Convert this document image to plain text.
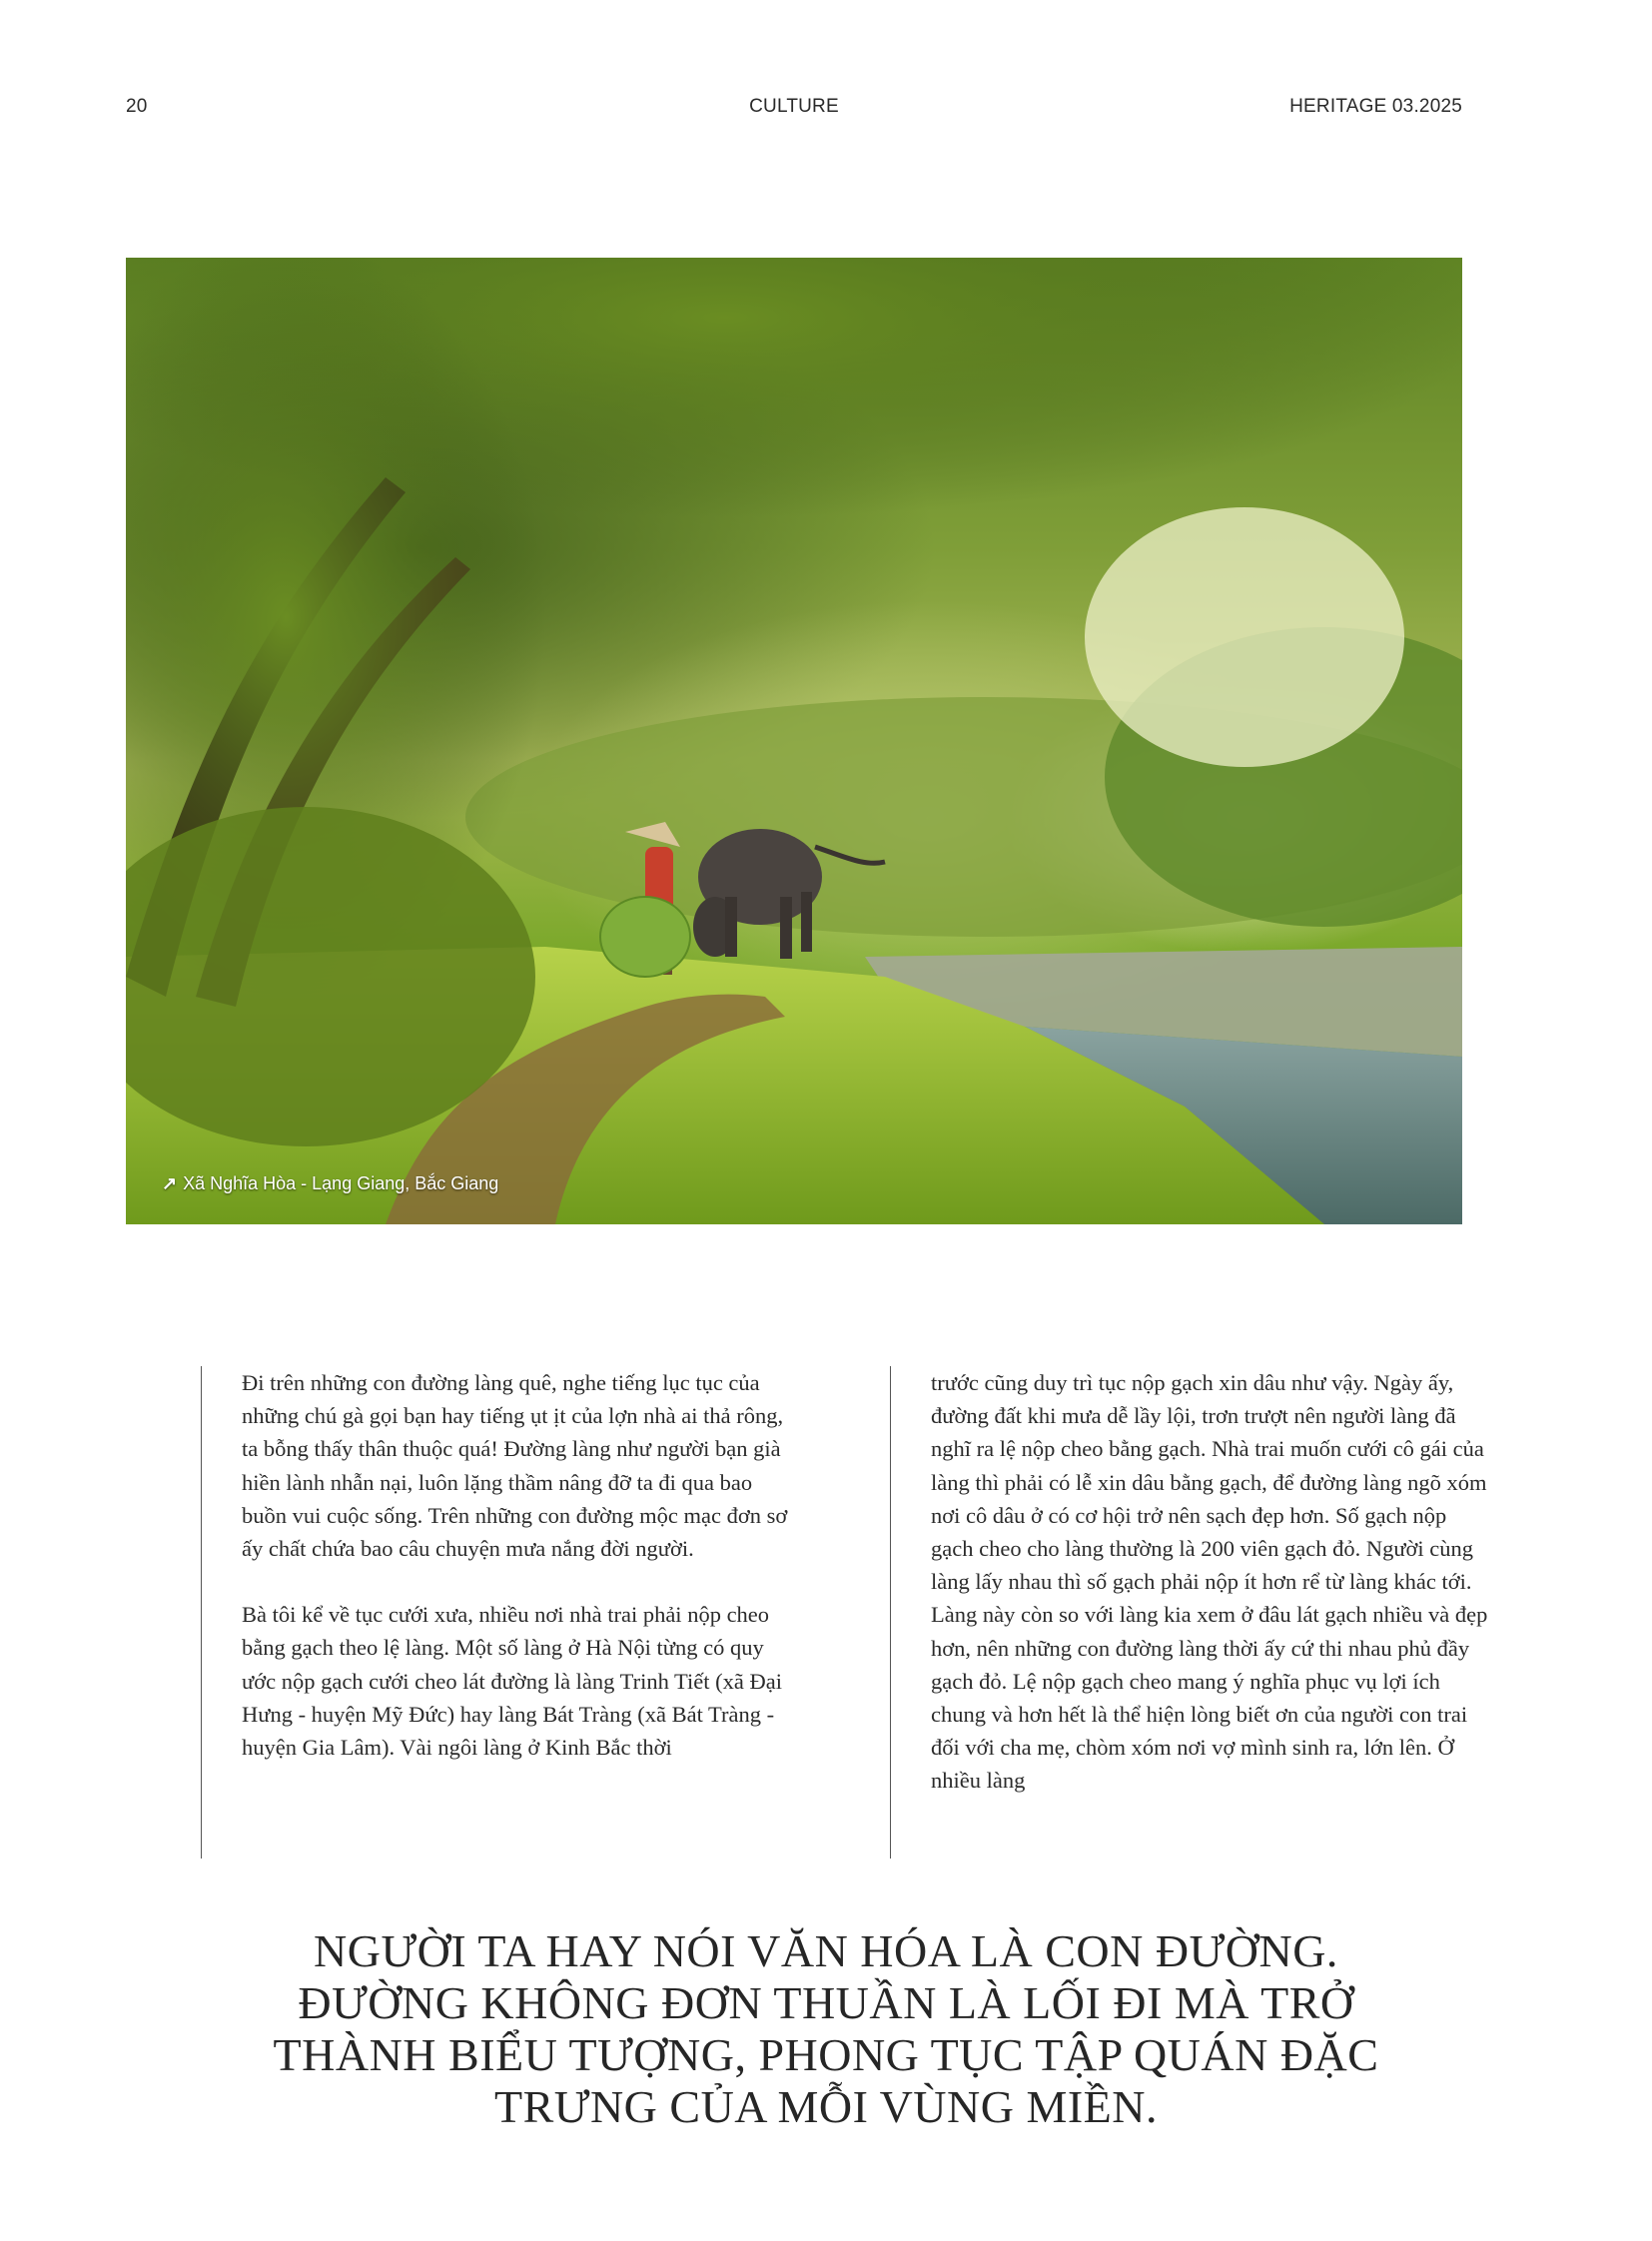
20	CULTURE	HERITAGE 03.2025
↗ Xã Nghĩa Hòa - Lạng Giang, Bắc Giang

Đi trên những con đường làng quê, nghe tiếng lục tục của những chú gà gọi bạn hay tiếng ụt ịt của lợn nhà ai thả rông, ta bỗng thấy thân thuộc quá! Đường làng như người bạn già hiền lành nhẫn nại, luôn lặng thầm nâng đỡ ta đi qua bao buồn vui cuộc sống. Trên những con đường mộc mạc đơn sơ ấy chất chứa bao câu chuyện mưa nắng đời người.

Bà tôi kể về tục cưới xưa, nhiều nơi nhà trai phải nộp cheo bằng gạch theo lệ làng. Một số làng ở Hà Nội từng có quy ước nộp gạch cưới cheo lát đường là làng Trinh Tiết (xã Đại Hưng - huyện Mỹ Đức) hay làng Bát Tràng (xã Bát Tràng - huyện Gia Lâm). Vài ngôi làng ở Kinh Bắc thời

trước cũng duy trì tục nộp gạch xin dâu như vậy. Ngày ấy, đường đất khi mưa dễ lầy lội, trơn trượt nên người làng đã nghĩ ra lệ nộp cheo bằng gạch. Nhà trai muốn cưới cô gái của làng thì phải có lễ xin dâu bằng gạch, để đường làng ngõ xóm nơi cô dâu ở có cơ hội trở nên sạch đẹp hơn. Số gạch nộp gạch cheo cho làng thường là 200 viên gạch đỏ. Người cùng làng lấy nhau thì số gạch phải nộp ít hơn rể từ làng khác tới. Làng này còn so với làng kia xem ở đâu lát gạch nhiều và đẹp hơn, nên những con đường làng thời ấy cứ thi nhau phủ đầy gạch đỏ. Lệ nộp gạch cheo mang ý nghĩa phục vụ lợi ích chung và hơn hết là thể hiện lòng biết ơn của người con trai đối với cha mẹ, chòm xóm nơi vợ mình sinh ra, lớn lên. Ở nhiều làng

NGƯỜI TA HAY NÓI VĂN HÓA LÀ CON ĐƯỜNG. ĐƯỜNG KHÔNG ĐƠN THUẦN LÀ LỐI ĐI MÀ TRỞ THÀNH BIỂU TƯỢNG, PHONG TỤC TẬP QUÁN ĐẶC TRƯNG CỦA MỖI VÙNG MIỀN.
